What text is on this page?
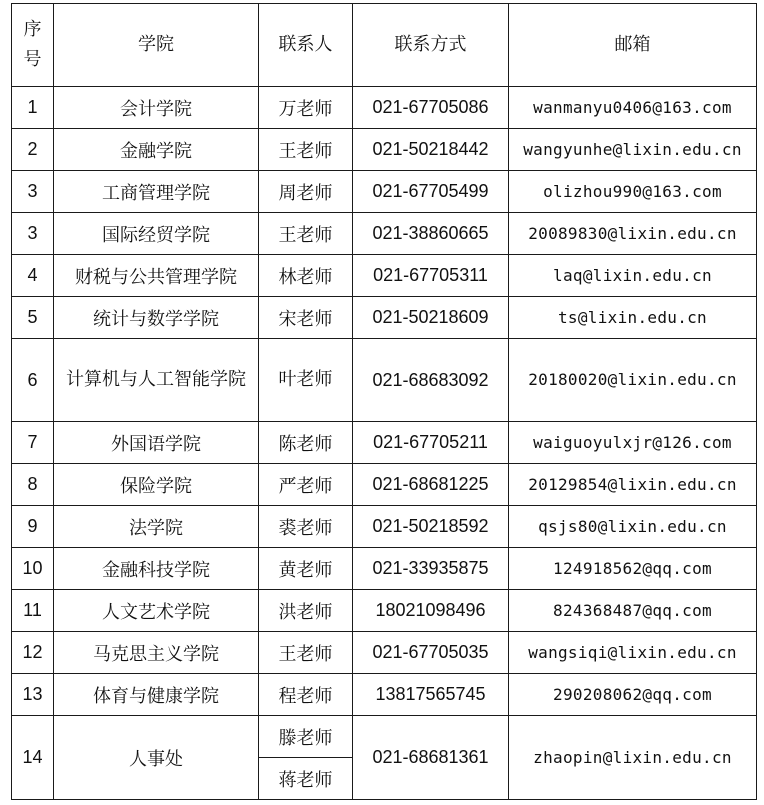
序号	学院	联系人	联系方式	邮箱
1	会计学院	万老师	021-67705086	wanmanyu0406@163.com
2	金融学院	王老师	021-50218442	wangyunhe@lixin.edu.cn
3	工商管理学院	周老师	021-67705499	olizhou990@163.com
3	国际经贸学院	王老师	021-38860665	20089830@lixin.edu.cn
4	财税与公共管理学院	林老师	021-67705311	laq@lixin.edu.cn
5	统计与数学学院	宋老师	021-50218609	ts@lixin.edu.cn
6	计算机与人工智能学院	叶老师	021-68683092	20180020@lixin.edu.cn
7	外国语学院	陈老师	021-67705211	waiguoyulxjr@126.com
8	保险学院	严老师	021-68681225	20129854@lixin.edu.cn
9	法学院	裘老师	021-50218592	qsjs80@lixin.edu.cn
10	金融科技学院	黄老师	021-33935875	124918562@qq.com
11	人文艺术学院	洪老师	18021098496	824368487@qq.com
12	马克思主义学院	王老师	021-67705035	wangsiqi@lixin.edu.cn
13	体育与健康学院	程老师	13817565745	290208062@qq.com
14	人事处	滕老师	021-68681361	zhaopin@lixin.edu.cn
		蒋老师		
